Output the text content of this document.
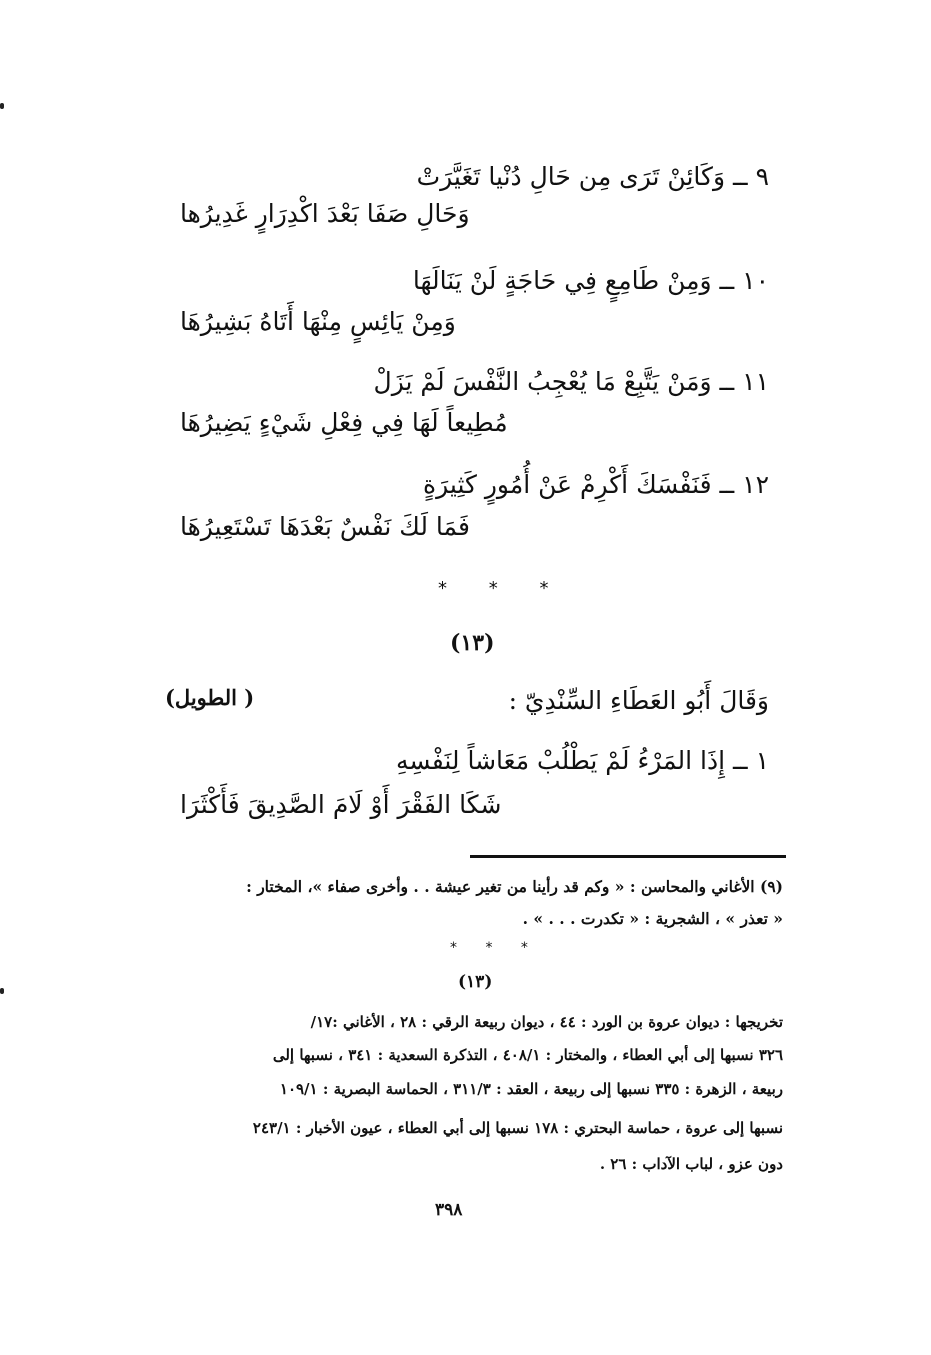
٩ ــ وَكَائِنْ تَرَى مِن حَالِ دُنْيا تَغَيَّرَتْ
وَحَالِ صَفَا بَعْدَ اكْدِرَارٍ غَدِيرُها
١٠ ــ وَمِنْ طَامِعٍ فِي حَاجَةٍ لَنْ يَنَالَهَا
وَمِنْ يَائِسٍ مِنْهَا أَتَاهُ بَشِيرُهَا
١١ ــ وَمَنْ يَتَّبِعْ مَا يُعْجِبُ النَّفْسَ لَمْ يَزَلْ
مُطِيعاً لَهَا فِي فِعْلِ شَيْءٍ يَضِيرُهَا
١٢ ــ فَنَفْسَكَ أَكْرِمْ عَنْ أُمُورٍ كَثِيرَةٍ
فَمَا لَكَ نَفْسٌ بَعْدَهَا تَسْتَعِيرُهَا
* * *
(١٣)
وَقَالَ أَبُو العَطَاءِ السِّنْدِيّ :
( الطويل)
١ ــ إِذَا المَرْءُ لَمْ يَطْلُبْ مَعَاشاً لِنَفْسِهِ
شَكَا الفَقْرَ أَوْ لَامَ الصَّدِيقَ فَأَكْثَرَا
(٩) الأغاني والمحاسن : « وكم قد رأينا من تغير عيشة . . وأخرى صفاء »، المختار :
« تعذر » ، الشجرية : « تكدرت . . . » .
* * *
(١٣)
تخريجها : ديوان عروة بن الورد : ٤٤ ، ديوان ربيعة الرقي : ٢٨ ، الأغاني :١٧/
٣٢٦ نسبها إلى أبي العطاء ، والمختار : ٤٠٨/١ ، التذكرة السعدية : ٣٤١ ، نسبها إلى
ربيعة ، الزهرة : ٣٣٥ نسبها إلى ربيعة ، العقد : ٣١١/٣ ، الحماسة البصرية : ١٠٩/١
نسبها إلى عروة ، حماسة البحتري : ١٧٨ نسبها إلى أبي العطاء ، عيون الأخبار : ٢٤٣/١
دون عزو ، لباب الآداب : ٢٦ .
٣٩٨
